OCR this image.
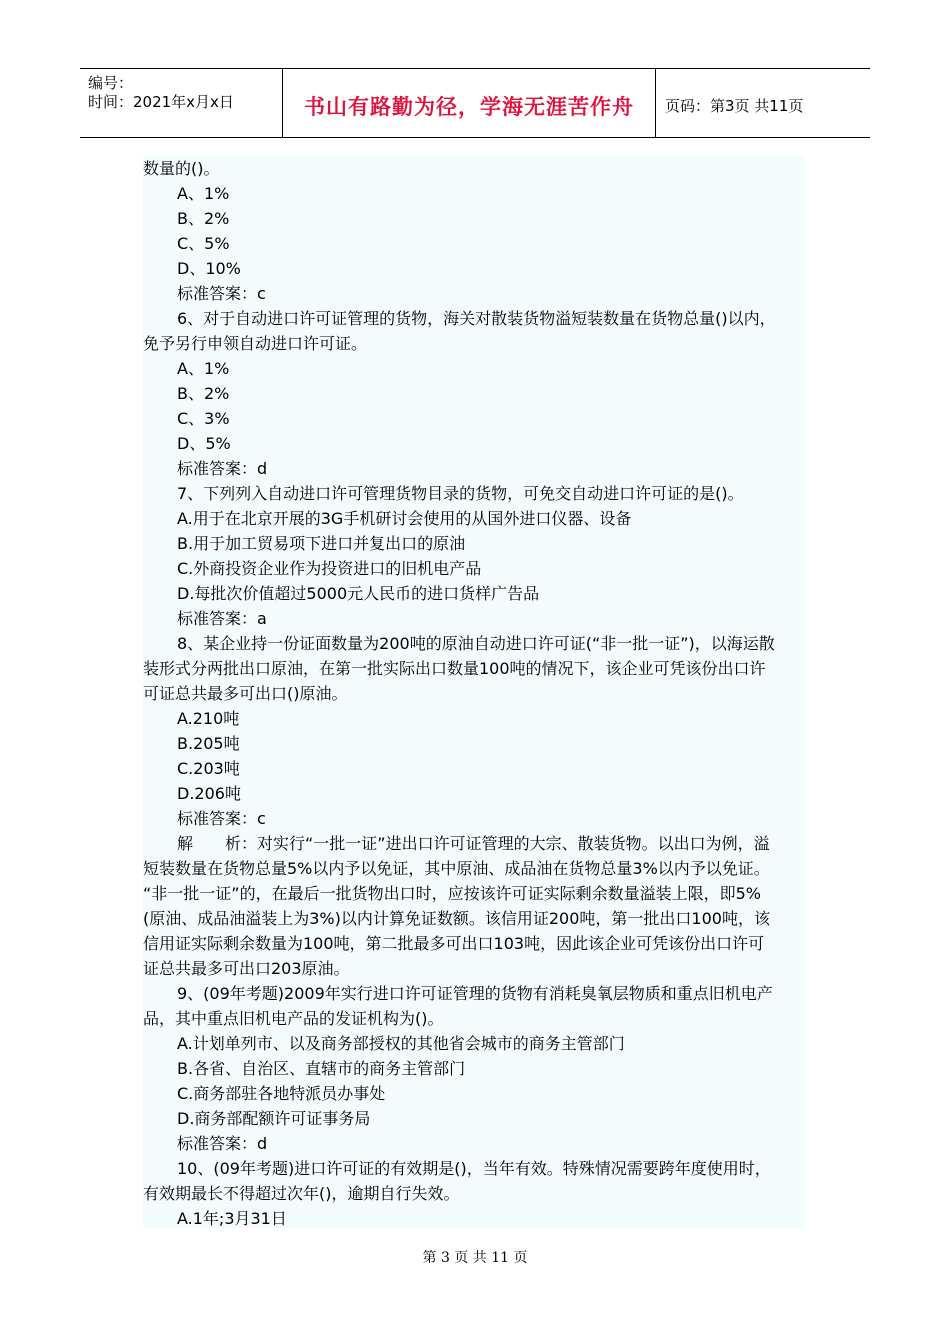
编号：
时间：2021年x月x日	书山有路勤为径，学海无涯苦作舟	页码：第3页 共11页
数量的()。
A、1%
B、2%
C、5%
D、10%
标准答案：c
6、对于自动进口许可证管理的货物，海关对散装货物溢短装数量在货物总量()以内，
免予另行申领自动进口许可证。
A、1%
B、2%
C、3%
D、5%
标准答案：d
7、下列列入自动进口许可管理货物目录的货物，可免交自动进口许可证的是()。
A.用于在北京开展的3G手机研讨会使用的从国外进口仪器、设备
B.用于加工贸易项下进口并复出口的原油
C.外商投资企业作为投资进口的旧机电产品
D.每批次价值超过5000元人民币的进口货样广告品
标准答案：a
8、某企业持一份证面数量为200吨的原油自动进口许可证(“非一批一证”)，以海运散
装形式分两批出口原油，在第一批实际出口数量100吨的情况下，该企业可凭该份出口许
可证总共最多可出口()原油。
A.210吨
B.205吨
C.203吨
D.206吨
标准答案：c
解　　析：对实行“一批一证”进出口许可证管理的大宗、散装货物。以出口为例，溢
短装数量在货物总量5%以内予以免证，其中原油、成品油在货物总量3%以内予以免证。
“非一批一证”的，在最后一批货物出口时，应按该许可证实际剩余数量溢装上限，即5%
(原油、成品油溢装上为3%)以内计算免证数额。该信用证200吨，第一批出口100吨，该
信用证实际剩余数量为100吨，第二批最多可出口103吨，因此该企业可凭该份出口许可
证总共最多可出口203原油。
9、(09年考题)2009年实行进口许可证管理的货物有消耗臭氧层物质和重点旧机电产
品，其中重点旧机电产品的发证机构为()。
A.计划单列市、以及商务部授权的其他省会城市的商务主管部门
B.各省、自治区、直辖市的商务主管部门
C.商务部驻各地特派员办事处
D.商务部配额许可证事务局
标准答案：d
10、(09年考题)进口许可证的有效期是()，当年有效。特殊情况需要跨年度使用时，
有效期最长不得超过次年()，逾期自行失效。
A.1年;3月31日
第 3 页 共 11 页
